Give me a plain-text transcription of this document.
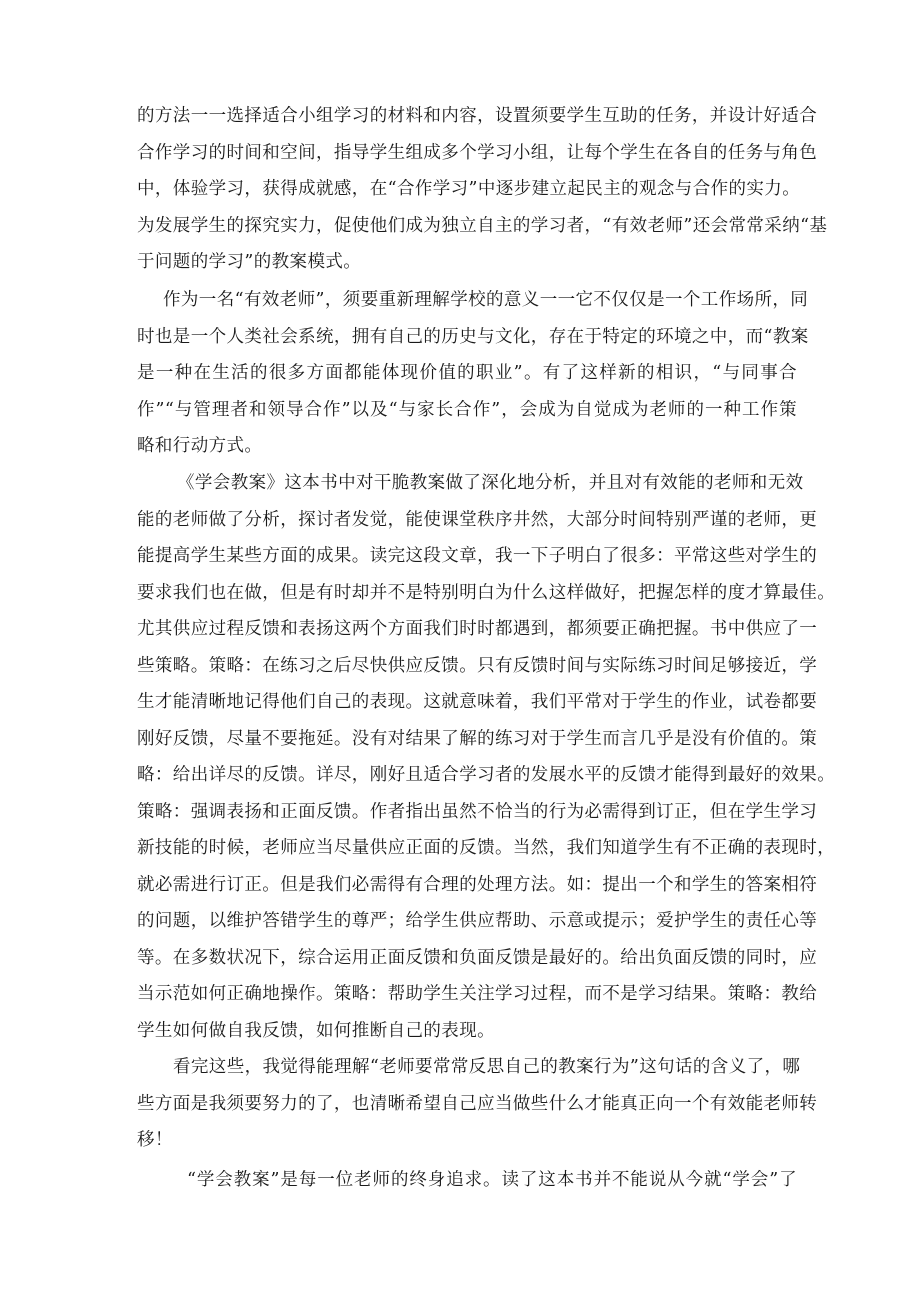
的方法一一选择适合小组学习的材料和内容，设置须要学生互助的任务，并设计好适合
合作学习的时间和空间，指导学生组成多个学习小组，让每个学生在各自的任务与角色
中，体验学习，获得成就感，在“合作学习”中逐步建立起民主的观念与合作的实力。
为发展学生的探究实力，促使他们成为独立自主的学习者，“有效老师”还会常常采纳“基
于问题的学习”的教案模式。
作为一名“有效老师”，须要重新理解学校的意义一一它不仅仅是一个工作场所，同
时也是一个人类社会系统，拥有自己的历史与文化，存在于特定的环境之中，而“教案
是一种在生活的很多方面都能体现价值的职业”。有了这样新的相识，“与同事合
作”“与管理者和领导合作”以及“与家长合作”，会成为自觉成为老师的一种工作策
略和行动方式。
《学会教案》这本书中对干脆教案做了深化地分析，并且对有效能的老师和无效
能的老师做了分析，探讨者发觉，能使课堂秩序井然，大部分时间特别严谨的老师，更
能提高学生某些方面的成果。读完这段文章，我一下子明白了很多：平常这些对学生的
要求我们也在做，但是有时却并不是特别明白为什么这样做好，把握怎样的度才算最佳。
尤其供应过程反馈和表扬这两个方面我们时时都遇到，都须要正确把握。书中供应了一
些策略。策略：在练习之后尽快供应反馈。只有反馈时间与实际练习时间足够接近，学
生才能清晰地记得他们自己的表现。这就意味着，我们平常对于学生的作业，试卷都要
刚好反馈，尽量不要拖延。没有对结果了解的练习对于学生而言几乎是没有价值的。策
略：给出详尽的反馈。详尽，刚好且适合学习者的发展水平的反馈才能得到最好的效果。
策略：强调表扬和正面反馈。作者指出虽然不恰当的行为必需得到订正，但在学生学习
新技能的时候，老师应当尽量供应正面的反馈。当然，我们知道学生有不正确的表现时，
就必需进行订正。但是我们必需得有合理的处理方法。如：提出一个和学生的答案相符
的问题，以维护答错学生的尊严；给学生供应帮助、示意或提示；爱护学生的责任心等
等。在多数状况下，综合运用正面反馈和负面反馈是最好的。给出负面反馈的同时，应
当示范如何正确地操作。策略：帮助学生关注学习过程，而不是学习结果。策略：教给
学生如何做自我反馈，如何推断自己的表现。
看完这些，我觉得能理解“老师要常常反思自己的教案行为”这句话的含义了，哪
些方面是我须要努力的了，也清晰希望自己应当做些什么才能真正向一个有效能老师转
移！
“学会教案”是每一位老师的终身追求。读了这本书并不能说从今就“学会”了
